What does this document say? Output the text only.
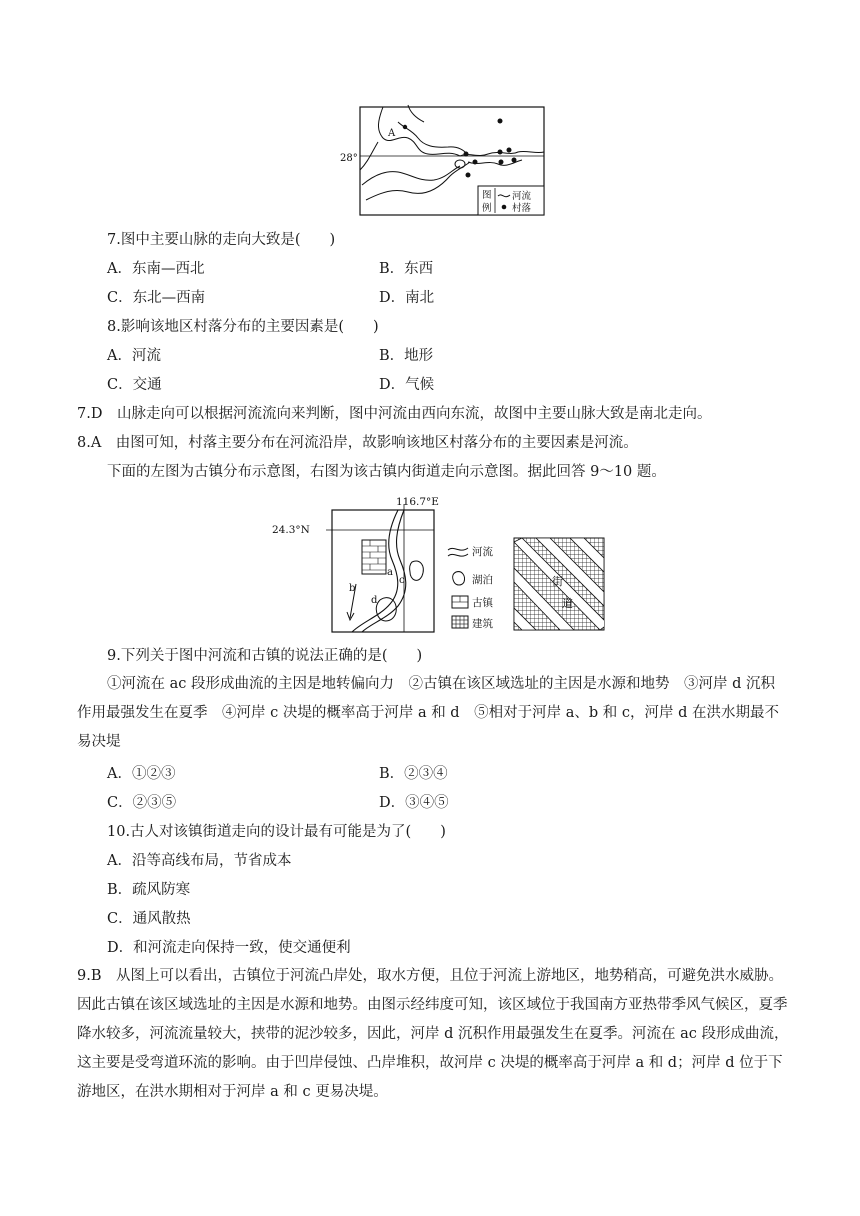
28°
A
图
例
河流
村落
7.图中主要山脉的走向大致是(　　)
A．东南—西北	B．东西
C．东北—西南	D．南北
8.影响该地区村落分布的主要因素是(　　)
A．河流	B．地形
C．交通	D．气候
7.D　山脉走向可以根据河流流向来判断，图中河流由西向东流，故图中主要山脉大致是南北走向。
8.A　由图可知，村落主要分布在河流沿岸，故影响该地区村落分布的主要因素是河流。
下面的左图为古镇分布示意图，右图为该古镇内街道走向示意图。据此回答 9～10 题。
116.7°E
24.3°N
a
c
b
d
河流
湖泊
古镇
建筑
街
道
9.下列关于图中河流和古镇的说法正确的是(　　)
①河流在 ac 段形成曲流的主因是地转偏向力　②古镇在该区域选址的主因是水源和地势　③河岸 d 沉积作用最强发生在夏季　④河岸 c 决堤的概率高于河岸 a 和 d　⑤相对于河岸 a、b 和 c，河岸 d 在洪水期最不易决堤
A．①②③	B．②③④
C．②③⑤	D．③④⑤
10.古人对该镇街道走向的设计最有可能是为了(　　)
A．沿等高线布局，节省成本
B．疏风防寒
C．通风散热
D．和河流走向保持一致，使交通便利
9.B　从图上可以看出，古镇位于河流凸岸处，取水方便，且位于河流上游地区，地势稍高，可避免洪水威胁。因此古镇在该区域选址的主因是水源和地势。由图示经纬度可知，该区域位于我国南方亚热带季风气候区，夏季降水较多，河流流量较大，挟带的泥沙较多，因此，河岸 d 沉积作用最强发生在夏季。河流在 ac 段形成曲流，这主要是受弯道环流的影响。由于凹岸侵蚀、凸岸堆积，故河岸 c 决堤的概率高于河岸 a 和 d；河岸 d 位于下游地区，在洪水期相对于河岸 a 和 c 更易决堤。
